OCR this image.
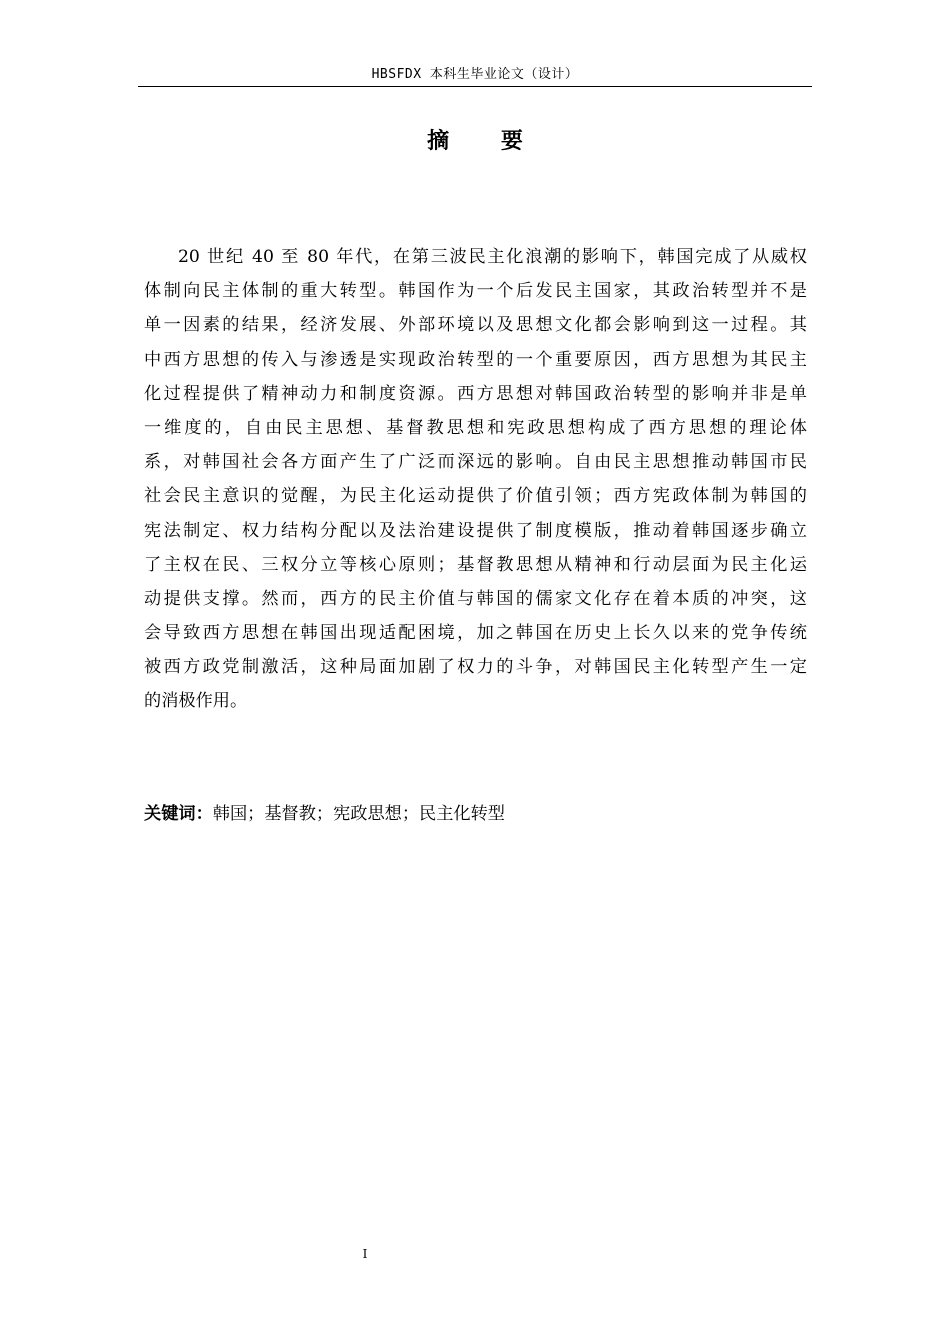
HBSFDX 本科生毕业论文（设计）
摘 要
20 世纪 40 至 80 年代，在第三波民主化浪潮的影响下，韩国完成了从威权
体制向民主体制的重大转型。韩国作为一个后发民主国家，其政治转型并不是
单一因素的结果，经济发展、外部环境以及思想文化都会影响到这一过程。其
中西方思想的传入与渗透是实现政治转型的一个重要原因，西方思想为其民主
化过程提供了精神动力和制度资源。西方思想对韩国政治转型的影响并非是单
一维度的，自由民主思想、基督教思想和宪政思想构成了西方思想的理论体
系，对韩国社会各方面产生了广泛而深远的影响。自由民主思想推动韩国市民
社会民主意识的觉醒，为民主化运动提供了价值引领；西方宪政体制为韩国的
宪法制定、权力结构分配以及法治建设提供了制度模版，推动着韩国逐步确立
了主权在民、三权分立等核心原则；基督教思想从精神和行动层面为民主化运
动提供支撑。然而，西方的民主价值与韩国的儒家文化存在着本质的冲突，这
会导致西方思想在韩国出现适配困境，加之韩国在历史上长久以来的党争传统
被西方政党制激活，这种局面加剧了权力的斗争，对韩国民主化转型产生一定
的消极作用。
关键词：韩国；基督教；宪政思想；民主化转型
I
